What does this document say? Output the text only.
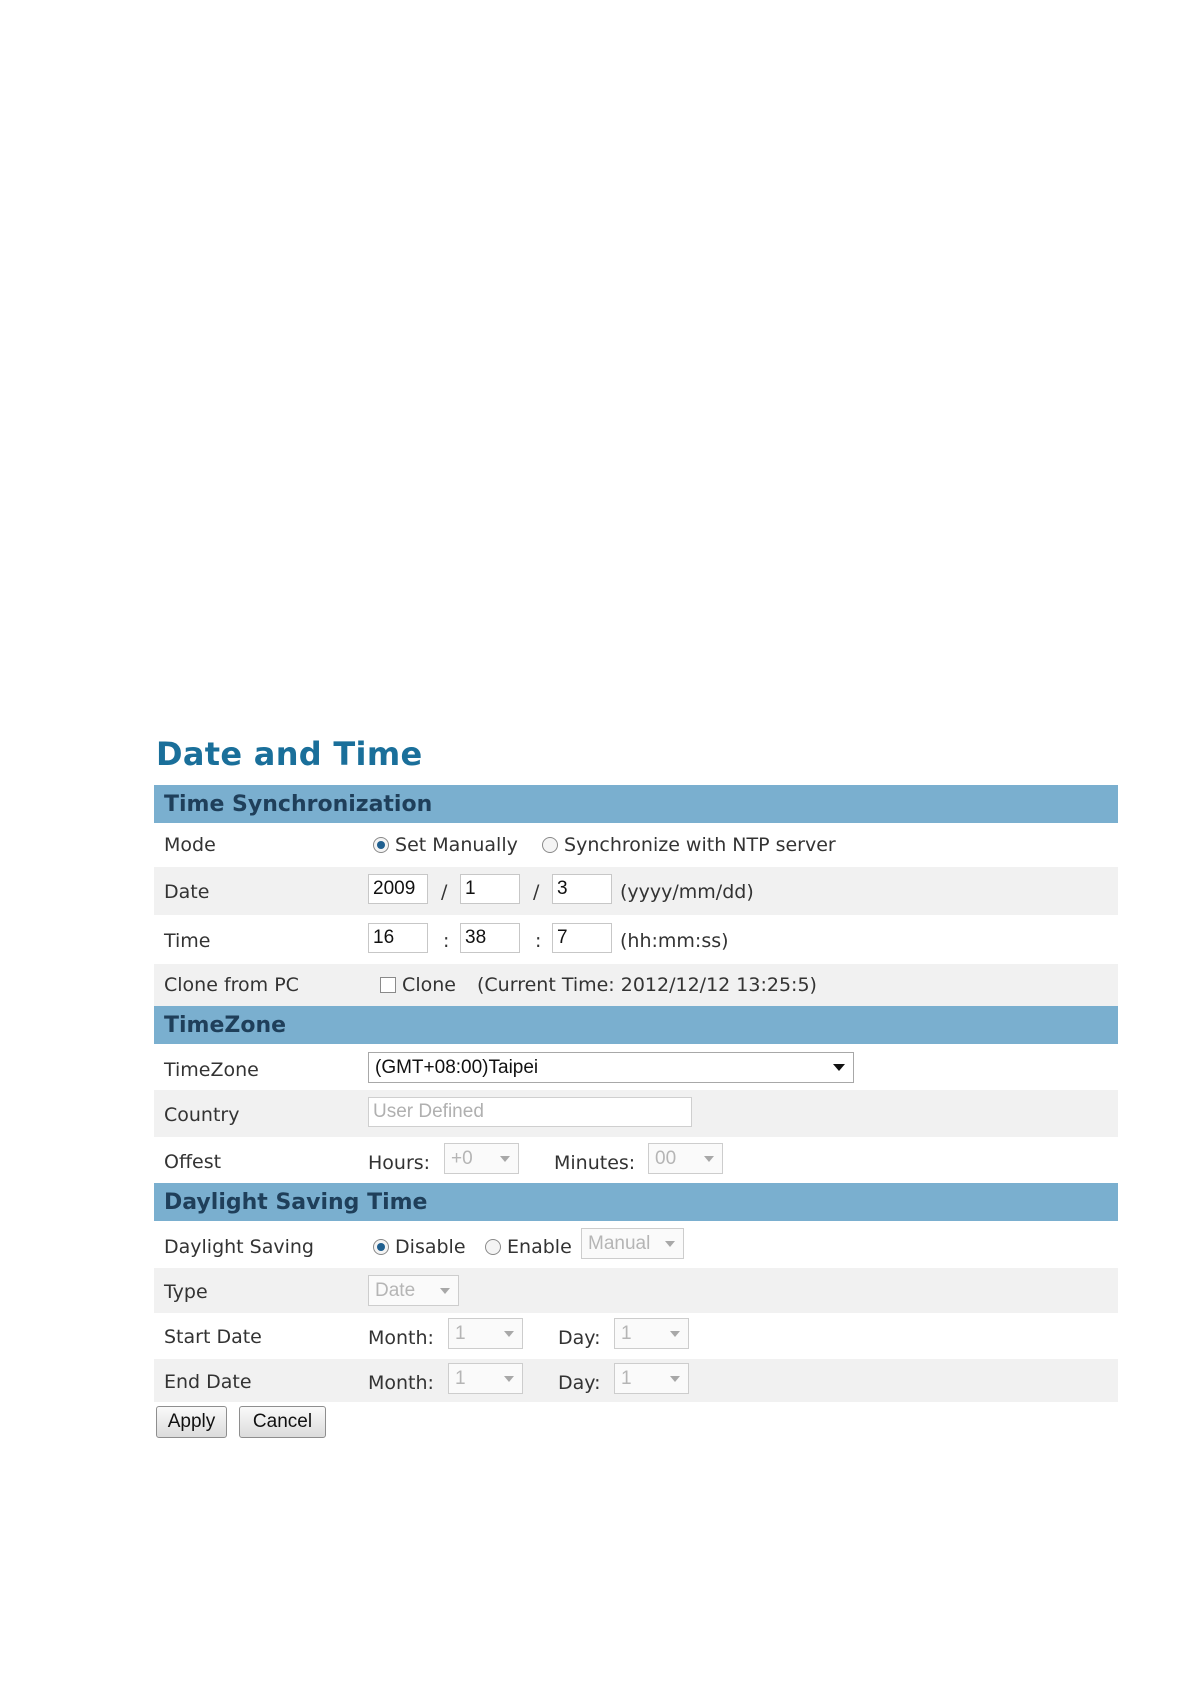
Date and Time
Time Synchronization
Mode	Set Manually	Synchronize with NTP server
Date	2009	/ 1	/ 3	(yyyy/mm/dd)
Time	16	: 38	: 7	(hh:mm:ss)
Clone from PC	Clone (Current Time: 2012/12/12 13:25:5)
TimeZone
TimeZone	(GMT+08:00)Taipei
Country	User Defined
Offest	Hours:	+0	Minutes:	00
Daylight Saving Time
Daylight Saving	Disable	Enable Manual
Type	Date
Start Date	Month:	1	Day:	1
End Date	Month:	1	Day:	1
Apply	Cancel
